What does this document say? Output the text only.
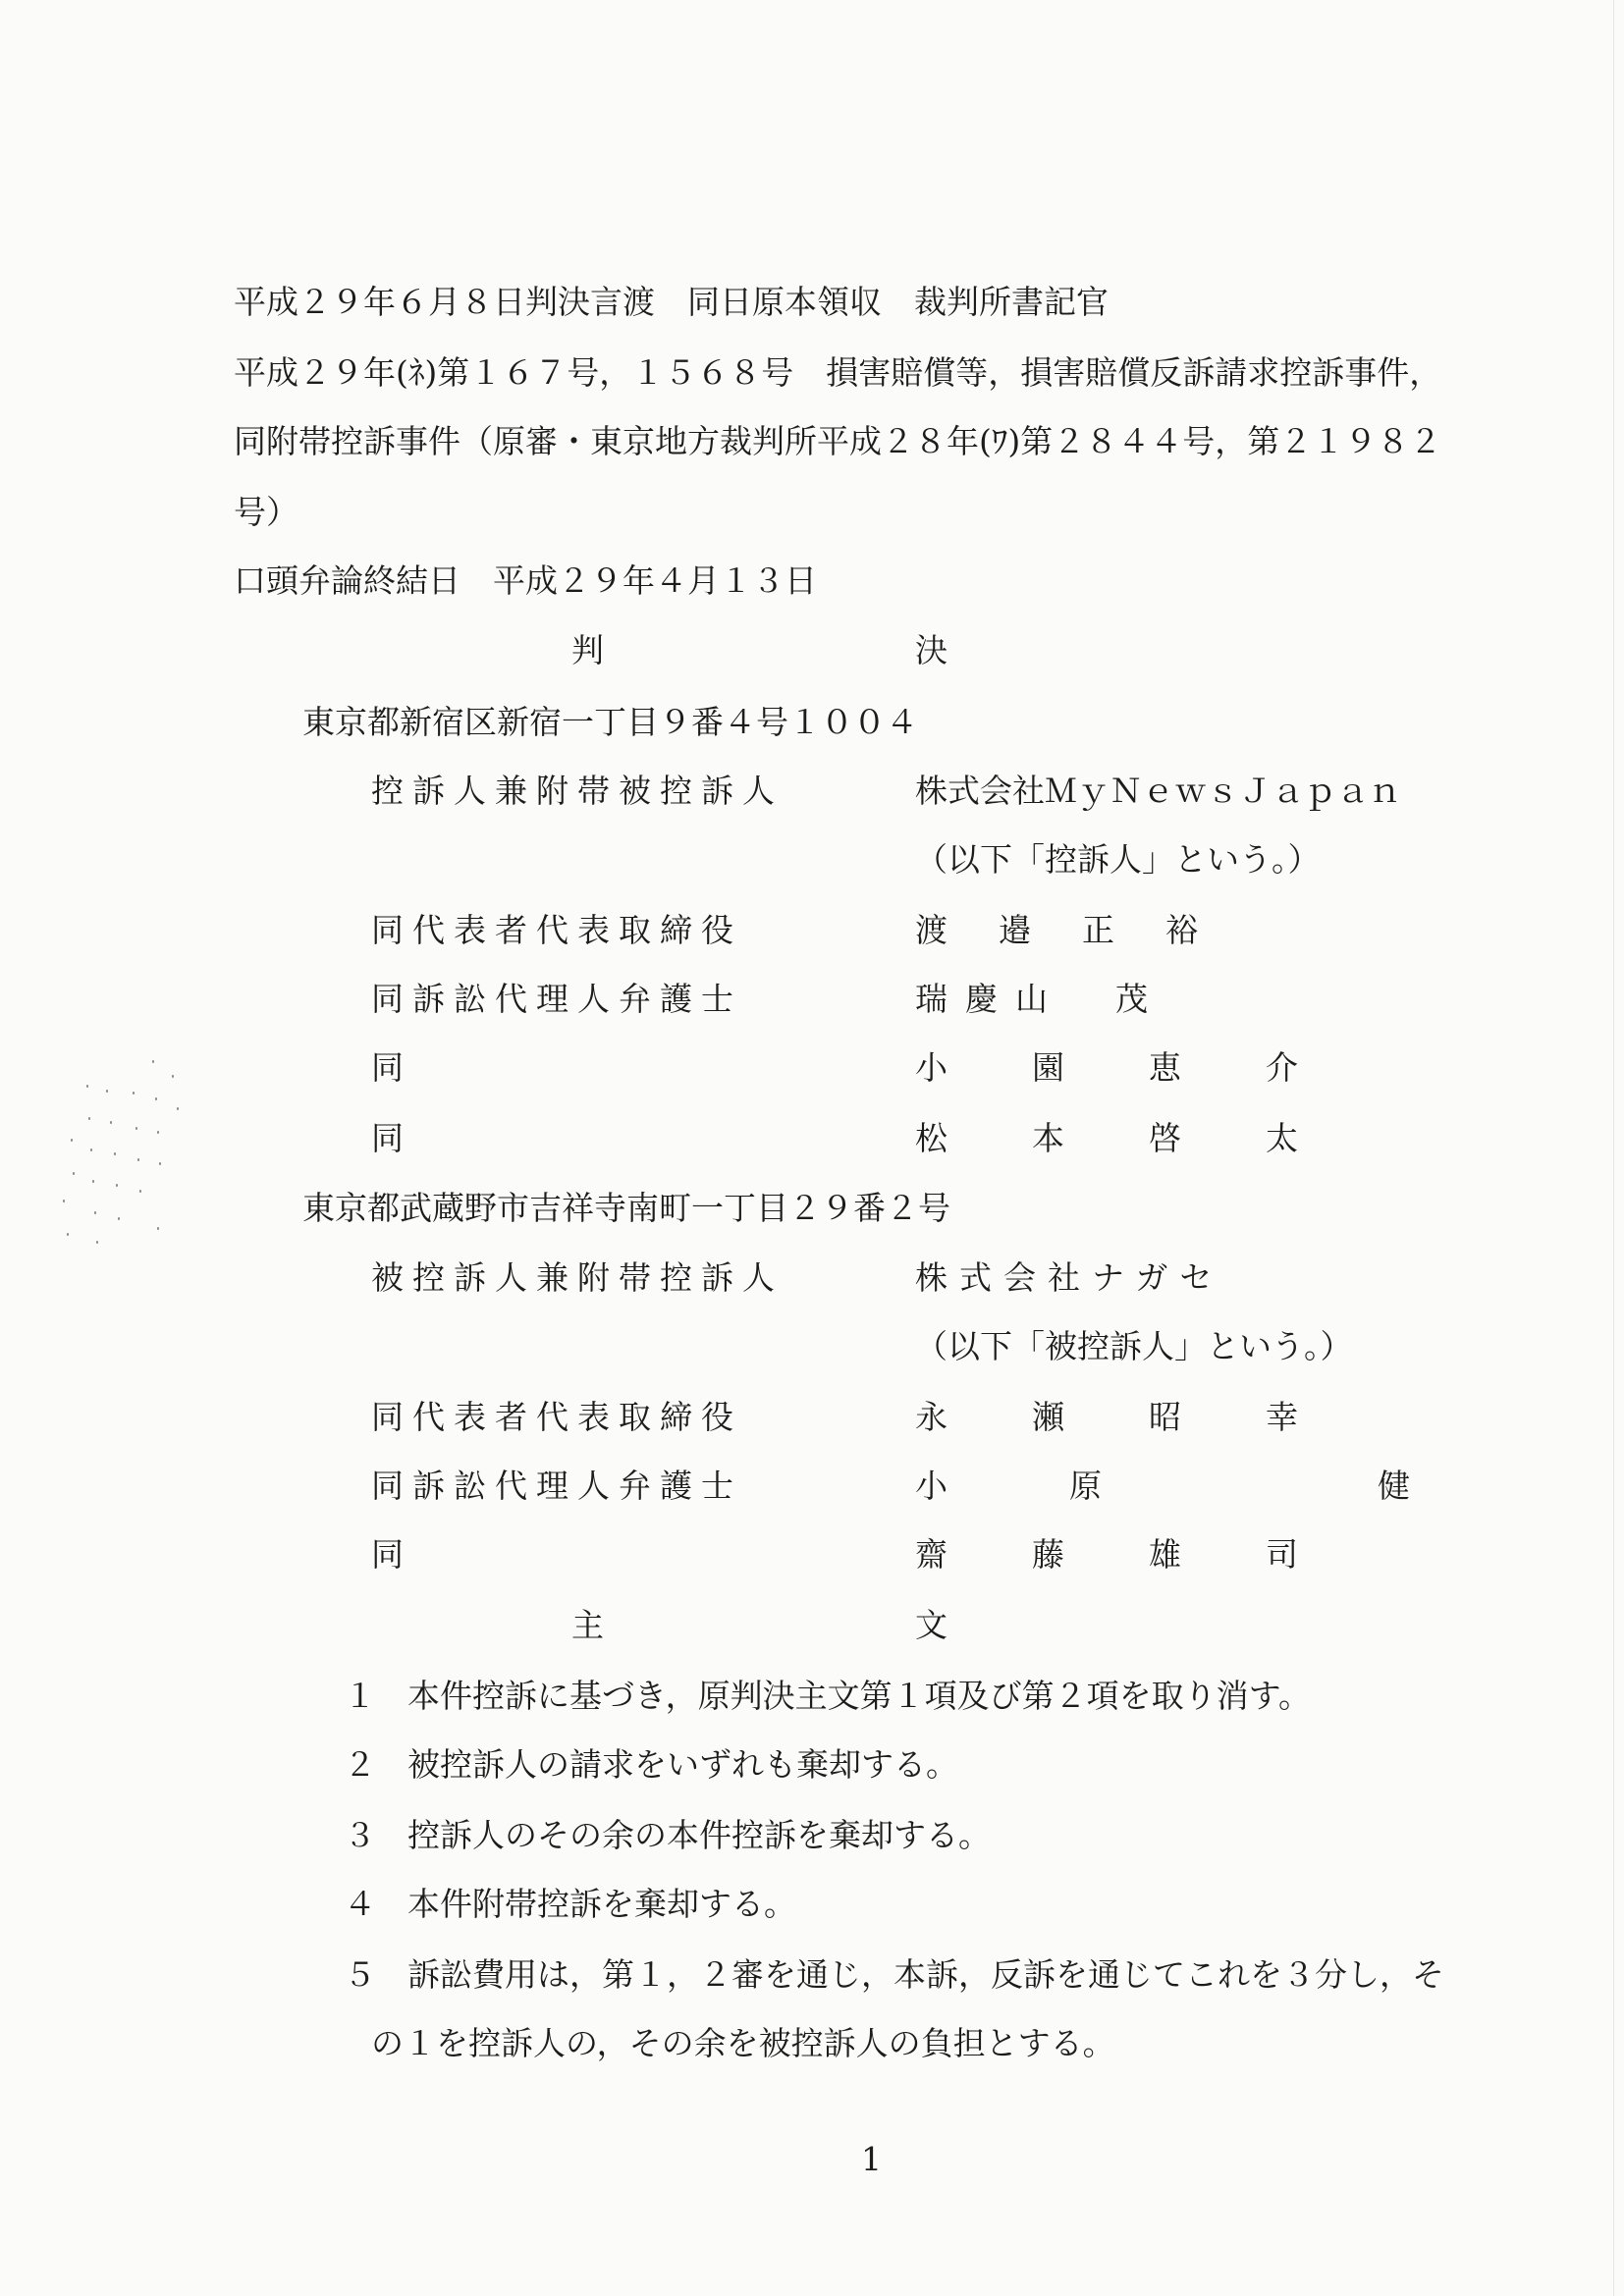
平成２９年６月８日判決言渡　同日原本領収　裁判所書記官
平成２９年(ﾈ)第１６７号，１５６８号　損害賠償等，損害賠償反訴請求控訴事件，
同附帯控訴事件（原審・東京地方裁判所平成２８年(ﾜ)第２８４４号，第２１９８２
号）
口頭弁論終結日　平成２９年４月１３日
判	決
東京都新宿区新宿一丁目９番４号１００４
控訴人兼附帯被控訴人	株式会社ＭｙＮｅｗｓＪａｐａｎ
（以下「控訴人」という。）
同代表者代表取締役	渡邉正裕
同訴訟代理人弁護士	瑞慶山　茂
同	小園恵介
同	松本啓太
東京都武蔵野市吉祥寺南町一丁目２９番２号
被控訴人兼附帯控訴人	株式会社ナガセ
（以下「被控訴人」という。）
同代表者代表取締役	永瀬昭幸
同訴訟代理人弁護士	小原　健
同	齋藤雄司
主	文
１ 本件控訴に基づき，原判決主文第１項及び第２項を取り消す。
２ 被控訴人の請求をいずれも棄却する。
３ 控訴人のその余の本件控訴を棄却する。
４ 本件附帯控訴を棄却する。
５ 訴訟費用は，第１，２審を通じ，本訴，反訴を通じてこれを３分し，そ
の１を控訴人の，その余を被控訴人の負担とする。
1
